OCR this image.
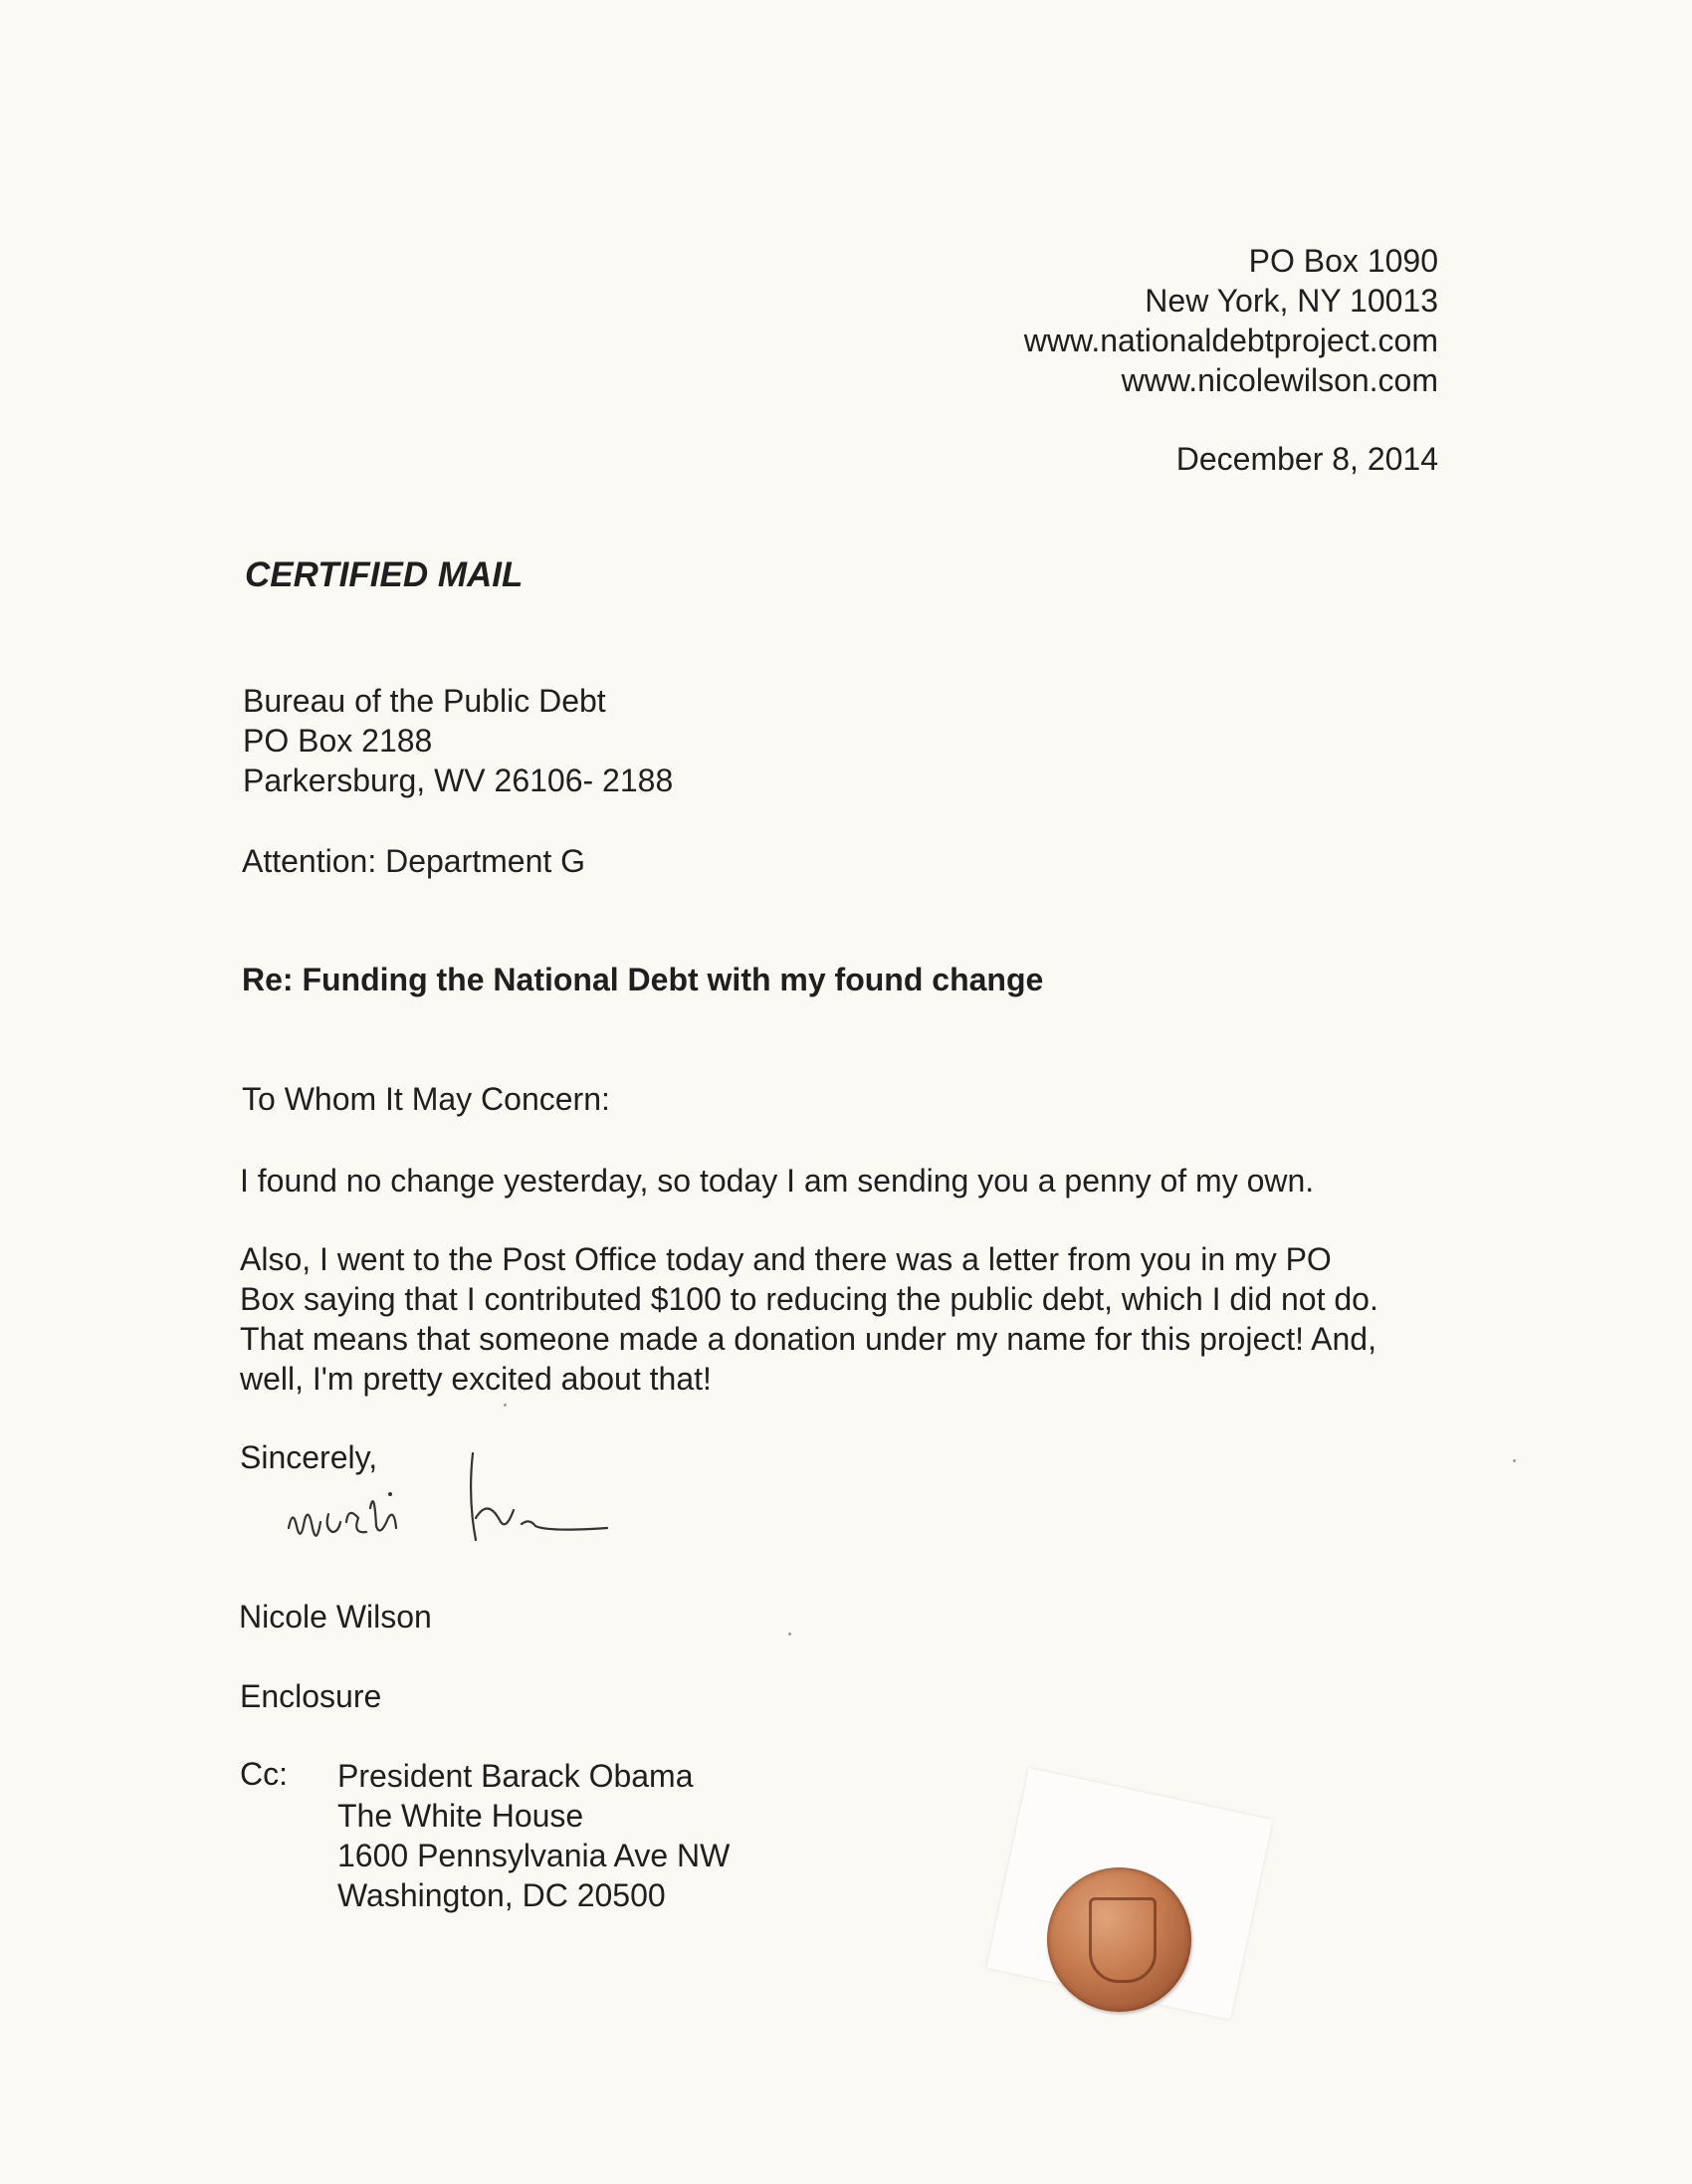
PO Box 1090
New York, NY 10013
www.nationaldebtproject.com
www.nicolewilson.com
December 8, 2014
CERTIFIED MAIL
Bureau of the Public Debt
PO Box 2188
Parkersburg, WV 26106- 2188
Attention: Department G
Re: Funding the National Debt with my found change
To Whom It May Concern:
I found no change yesterday, so today I am sending you a penny of my own.
Also, I went to the Post Office today and there was a letter from you in my PO
Box saying that I contributed $100 to reducing the public debt, which I did not do.
That means that someone made a donation under my name for this project! And,
well, I'm pretty excited about that!
Sincerely,
Nicole Wilson
Enclosure
Cc: President Barack Obama
The White House
1600 Pennsylvania Ave NW
Washington, DC 20500
